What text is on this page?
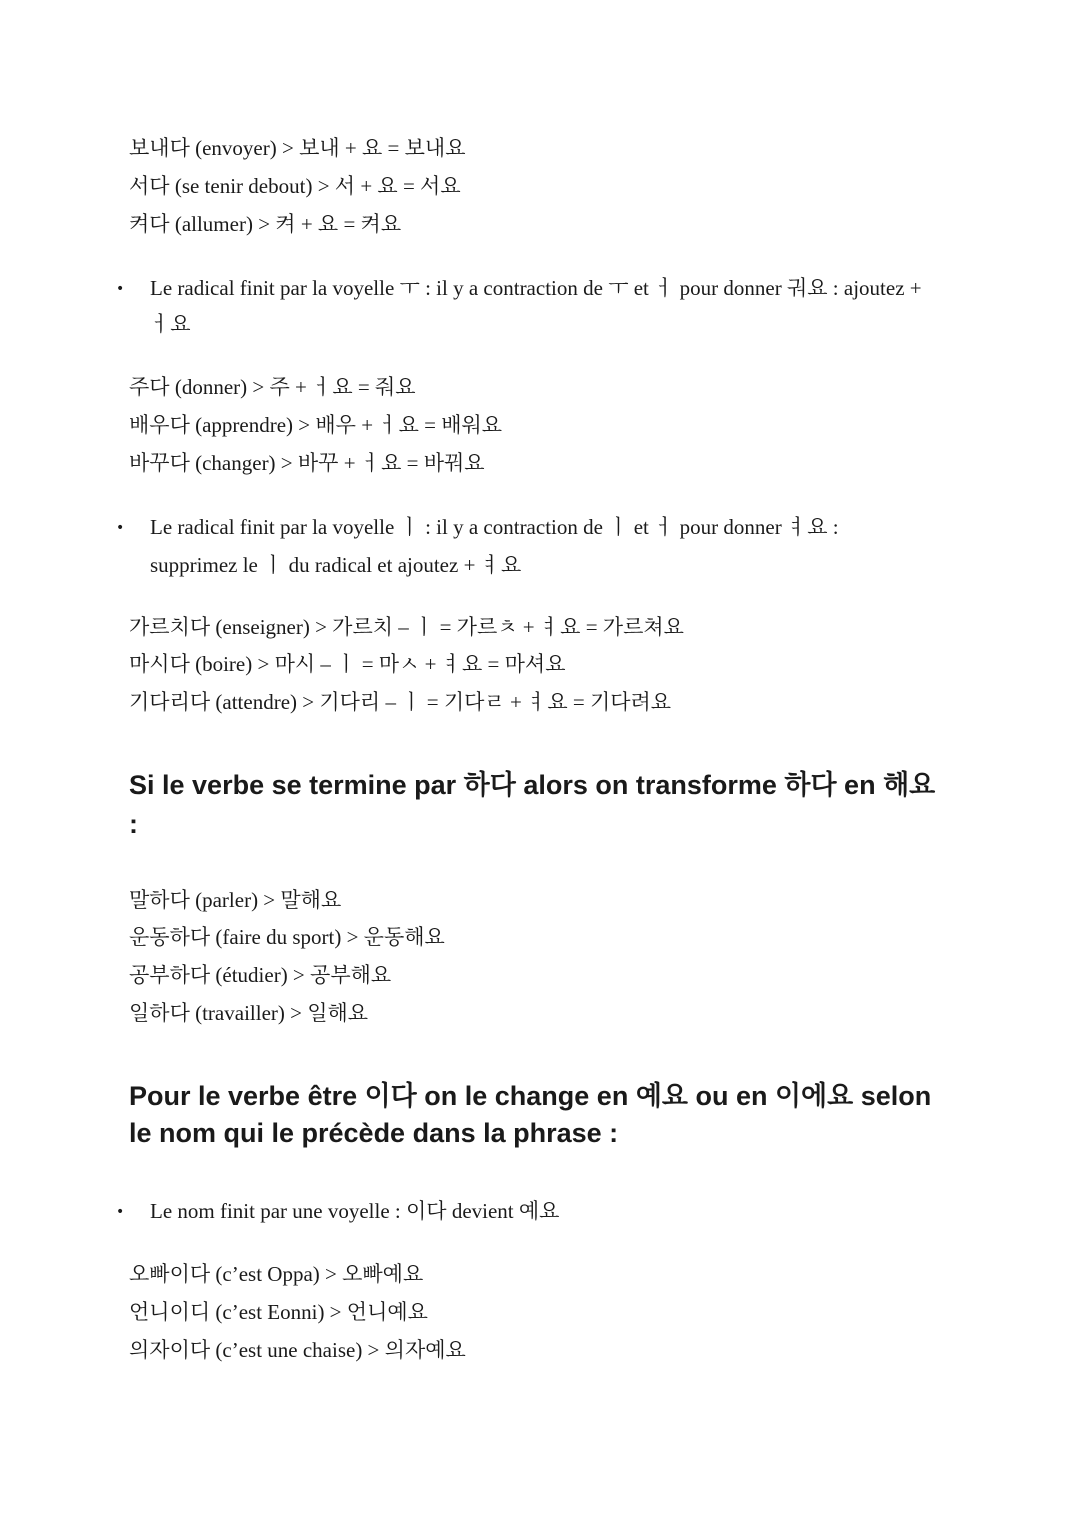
보내다 (envoyer) > 보내 + 요 = 보내요
서다 (se tenir debout) > 서 + 요 = 서요
켜다 (allumer) > 켜 + 요 = 켜요
• Le radical finit par la voyelle ㅜ : il y a contraction de ㅜ et ㅓ pour donner 궈요 : ajoutez +
ㅓ요
주다 (donner) > 주 + ㅓ요 = 줘요
배우다 (apprendre) > 배우 + ㅓ요 = 배워요
바꾸다 (changer) > 바꾸 + ㅓ요 = 바꿔요
• Le radical finit par la voyelle ㅣ : il y a contraction de ㅣ et ㅓ pour donner ㅕ요 :
supprimez le ㅣ du radical et ajoutez + ㅕ요
가르치다 (enseigner) > 가르치 – ㅣ = 가르ㅊ + ㅕ요 = 가르쳐요
마시다 (boire) > 마시 – ㅣ = 마ㅅ + ㅕ요 = 마셔요
기다리다 (attendre) > 기다리 – ㅣ = 기다ㄹ + ㅕ요 = 기다려요
Si le verbe se termine par 하다 alors on transforme 하다 en 해요
:
말하다 (parler) > 말해요
운동하다 (faire du sport) > 운동해요
공부하다 (étudier) > 공부해요
일하다 (travailler) > 일해요
Pour le verbe être 이다 on le change en 예요 ou en 이에요 selon
le nom qui le précède dans la phrase :
• Le nom finit par une voyelle : 이다 devient 예요
오빠이다 (c’est Oppa) > 오빠예요
언니이디 (c’est Eonni) > 언니예요
의자이다 (c’est une chaise) > 의자예요
